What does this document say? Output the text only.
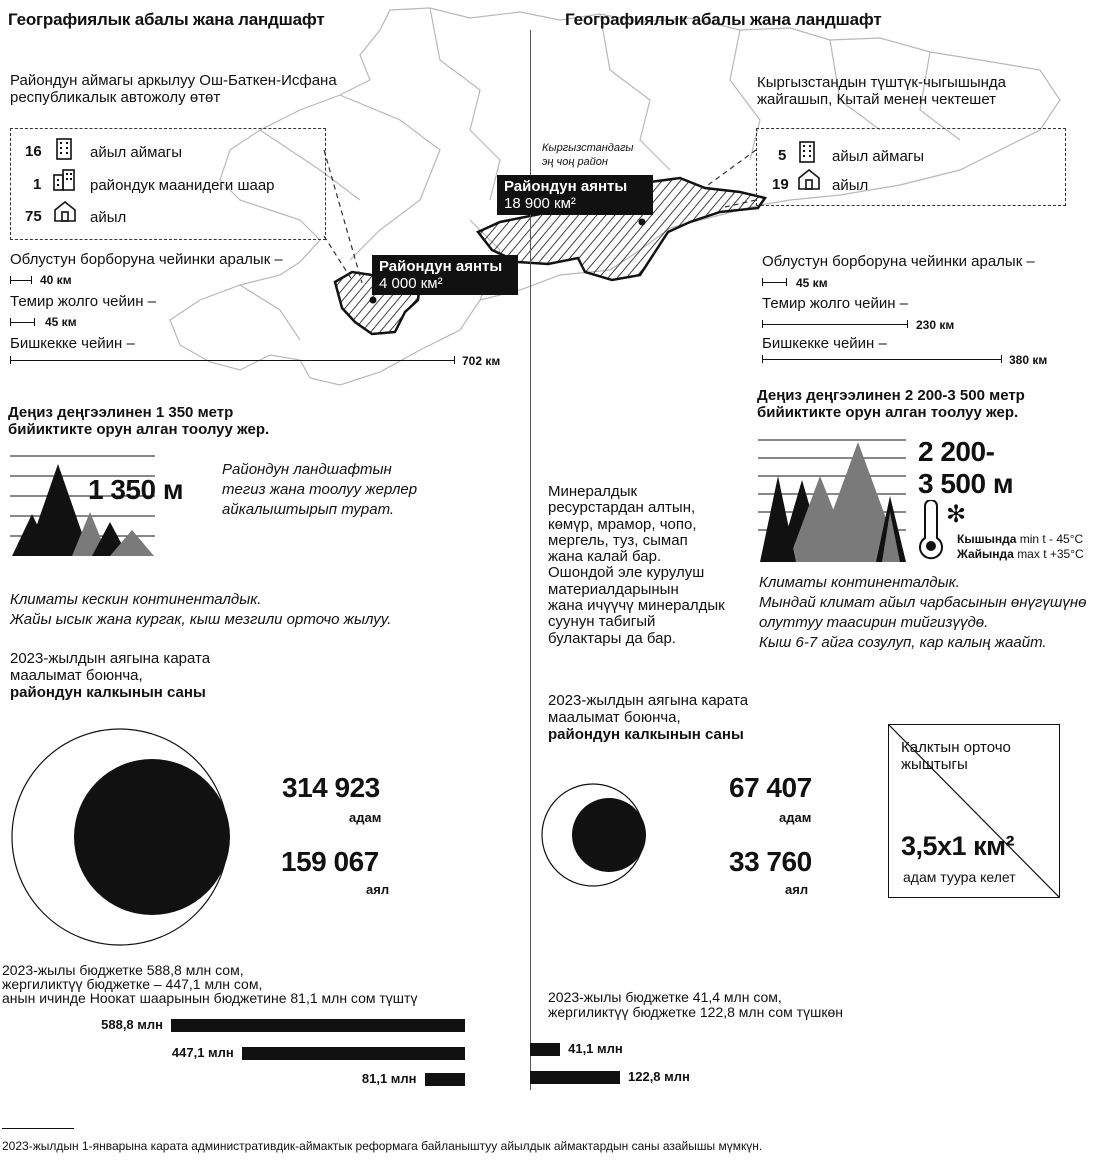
Географиялык абалы жана ландшафт
Райондун аймагы аркылуу Ош-Баткен-Исфана
республикалык автожолу өтөт
16	айыл аймагы
1	райондук маанидеги шаар
75	айыл
Райондун аянты
4 000 км²
Облустун борборуна чейинки аралык –
40 км
Темир жолго чейин –
45 км
Бишкекке чейин –
702 км
Деңиз деңгээлинен 1 350 метр
бийиктикте орун алган тоолуу жер.
1 350 м
Райондун ландшафтын
тегиз жана тоолуу жерлер
айкалыштырып турат.
Климаты кескин континенталдык.
Жайы ысык жана кургак, кыш мезгили орточо жылуу.
2023-жылдын аягына карата
маалымат боюнча,
райондун калкынын саны
314 923
адам
159 067
аял
2023-жылы бюджетке 588,8 млн сом,
жергиликтүү бюджетке – 447,1 млн сом,
анын ичинде Ноокат шаарынын бюджетине 81,1 млн сом түштү
588,8 млн
447,1 млн
81,1 млн
Географиялык абалы жана ландшафт
Кыргызстандын түштүк-чыгышында
жайгашып, Кытай менен чектешет
Кыргызстандагы
эң чоң район
Райондун аянты
18 900 км²
5	айыл аймагы
19	айыл
Облустун борборуна чейинки аралык –
45 км
Темир жолго чейин –
230 км
Бишкекке чейин –
380 км
Деңиз деңгээлинен 2 200-3 500 метр
бийиктикте орун алган тоолуу жер.
2 200-
3 500 м
✻
Кышында min t - 45°C
Жайында max t +35°C
Минералдык
ресурстардан алтын,
көмүр, мрамор, чопо,
мергель, туз, сымап
жана калай бар.
Ошондой эле курулуш
материалдарынын
жана ичүүчү минералдык
суунун табигый
булактары да бар.
Климаты континенталдык.
Мындай климат айыл чарбасынын өнүгүшүнө
олуттуу таасирин тийгизүүдө.
Кыш 6-7 айга созулуп, кар калың жаайт.
2023-жылдын аягына карата
маалымат боюнча,
райондун калкынын саны
67 407
адам
33 760
аял
Калктын орточо
жыштыгы
3,5x1 км²
адам туура келет
2023-жылы бюджетке 41,4 млн сом,
жергиликтүү бюджетке 122,8 млн сом түшкөн
41,1 млн
122,8 млн
2023-жылдын 1-январына карата административдик-аймактык реформага байланыштуу айылдык аймактардын саны азайышы мүмкүн.
